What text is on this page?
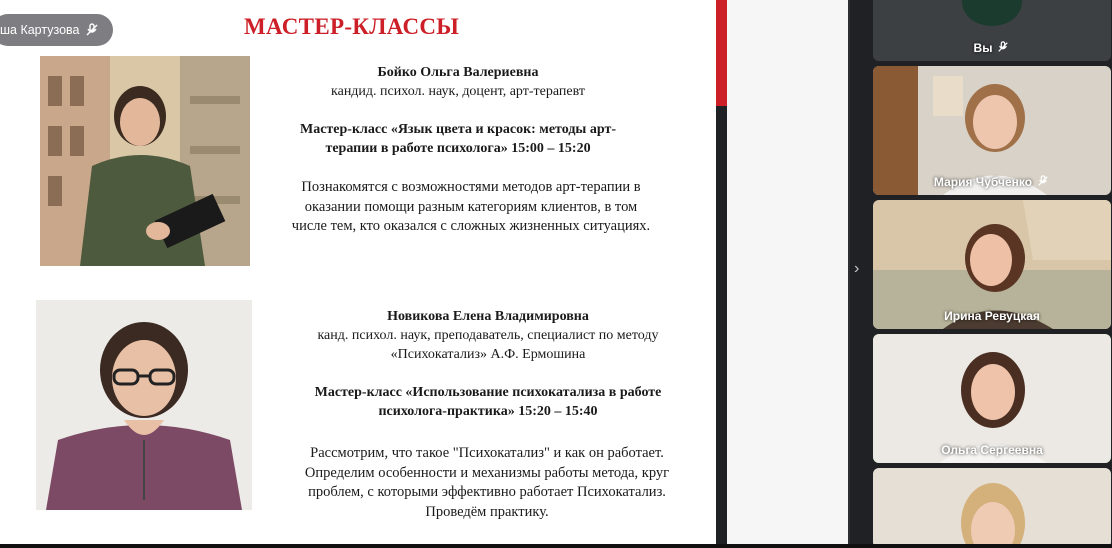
МАСТЕР-КЛАССЫ
Бойко Ольга Валериевна
кандид. психол. наук, доцент, арт-терапевт
Мастер-класс «Язык цвета и красок: методы арт-
терапии в работе психолога» 15:00 – 15:20
Познакомятся с возможностями методов арт-терапии в
оказании помощи разным категориям клиентов, в том
числе тем, кто оказался с сложных жизненных ситуациях.
Новикова Елена Владимировна
канд. психол. наук, преподаватель, специалист по методу
«Психокатализ» А.Ф. Ермошина
Мастер-класс «Использование психокатализа в работе
психолога-практика» 15:20 – 15:40
Рассмотрим, что такое "Психокатализ" и как он работает.
Определим особенности и механизмы работы метода, круг
проблем, с которыми эффективно работает Психокатализ.
Проведём практику.
ша Картузова
›
Вы
Мария Чубченко
Ирина Ревуцкая
Ольга Сергеевна
